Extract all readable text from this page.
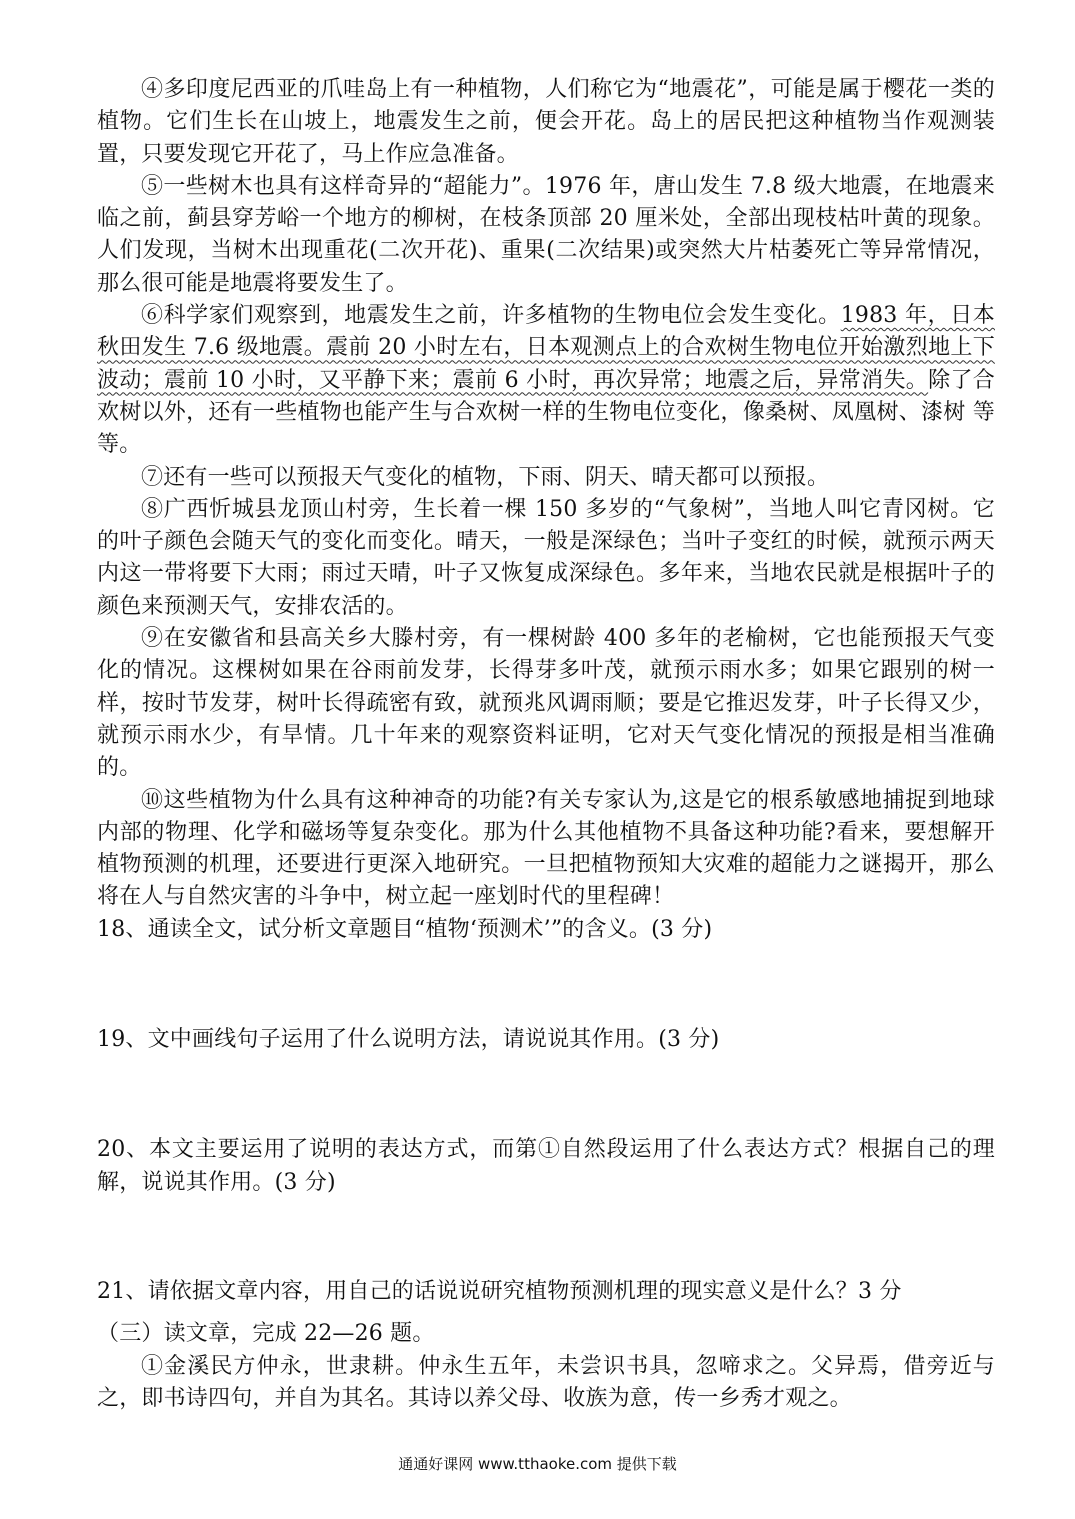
④多印度尼西亚的爪哇岛上有一种植物，人们称它为“地震花”，可能是属于樱花一类的植物。它们生长在山坡上，地震发生之前，便会开花。岛上的居民把这种植物当作观测装置，只要发现它开花了，马上作应急准备。

⑤一些树木也具有这样奇异的“超能力”。1976 年，唐山发生 7.8 级大地震，在地震来临之前，蓟县穿芳峪一个地方的柳树，在枝条顶部 20 厘米处，全部出现枝枯叶黄的现象。人们发现，当树木出现重花(二次开花)、重果(二次结果)或突然大片枯萎死亡等异常情况，那么很可能是地震将要发生了。

⑥科学家们观察到，地震发生之前，许多植物的生物电位会发生变化。1983 年，日本秋田发生 7.6 级地震。震前 20 小时左右，日本观测点上的合欢树生物电位开始激烈地上下波动；震前 10 小时，又平静下来；震前 6 小时，再次异常；地震之后，异常消失。除了合欢树以外，还有一些植物也能产生与合欢树一样的生物电位变化，像桑树、凤凰树、漆树 等等。

⑦还有一些可以预报天气变化的植物，下雨、阴天、晴天都可以预报。

⑧广西忻城县龙顶山村旁，生长着一棵 150 多岁的“气象树”，当地人叫它青冈树。它的叶子颜色会随天气的变化而变化。晴天，一般是深绿色；当叶子变红的时候，就预示两天内这一带将要下大雨；雨过天晴，叶子又恢复成深绿色。多年来，当地农民就是根据叶子的颜色来预测天气，安排农活的。

⑨在安徽省和县高关乡大滕村旁，有一棵树龄 400 多年的老榆树，它也能预报天气变化的情况。这棵树如果在谷雨前发芽，长得芽多叶茂，就预示雨水多；如果它跟别的树一样，按时节发芽，树叶长得疏密有致，就预兆风调雨顺；要是它推迟发芽，叶子长得又少，就预示雨水少，有旱情。几十年来的观察资料证明，它对天气变化情况的预报是相当准确的。

⑩这些植物为什么具有这种神奇的功能?有关专家认为,这是它的根系敏感地捕捉到地球内部的物理、化学和磁场等复杂变化。那为什么其他植物不具备这种功能?看来，要想解开植物预测的机理，还要进行更深入地研究。一旦把植物预知大灾难的超能力之谜揭开，那么将在人与自然灾害的斗争中，树立起一座划时代的里程碑！

18、通读全文，试分析文章题目“植物‘预测术’”的含义。(3 分)

19、文中画线句子运用了什么说明方法，请说说其作用。(3 分)

20、本文主要运用了说明的表达方式，而第①自然段运用了什么表达方式？根据自己的理解，说说其作用。(3 分)

21、请依据文章内容，用自己的话说说研究植物预测机理的现实意义是什么？3 分

（三）读文章，完成 22—26 题。

①金溪民方仲永，世隶耕。仲永生五年，未尝识书具，忽啼求之。父异焉，借旁近与之，即书诗四句，并自为其名。其诗以养父母、收族为意，传一乡秀才观之。

通通好课网 www.tthaoke.com 提供下载
